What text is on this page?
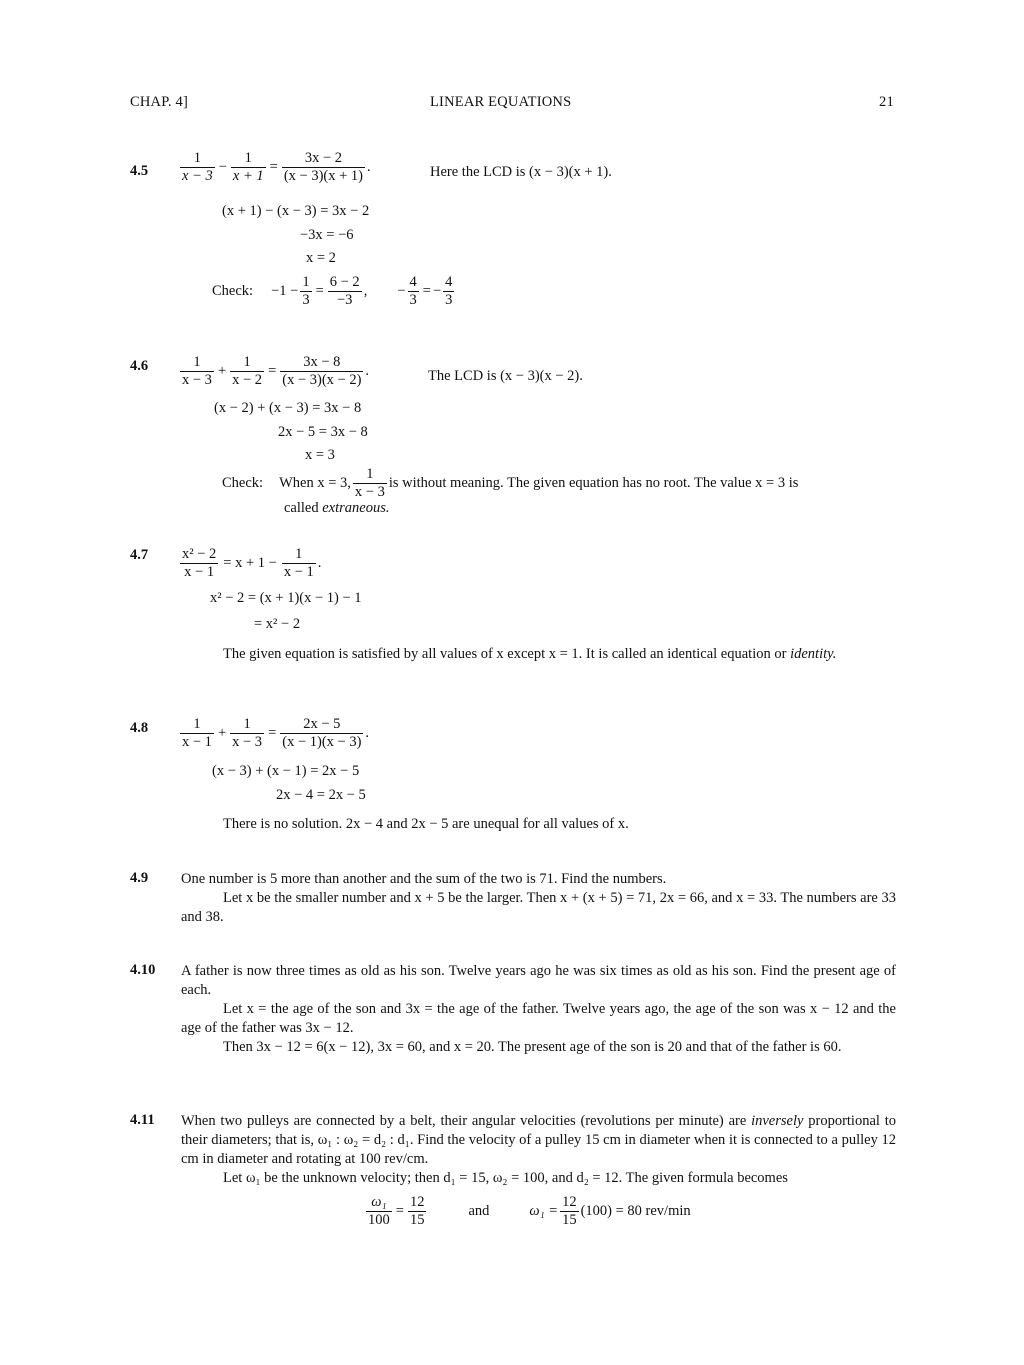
CHAP. 4]	LINEAR EQUATIONS	21
$4.5 \frac{1}{x - 3} - \frac{1}{x + 1} = \frac{3x - 2}{(x - 3)(x + 1)}$ .	Here the LCD is (x − 3)(x + 1).
(x + 1) − (x − 3) = 3x − 2
−3x = −6
x = 2
Check: $-1 - \frac{1}{3} = \frac{6 - 2}{-3}$ , − $\frac{4}{3}$ = − $\frac{4}{3}$
$4.6 \frac{1}{x - 3} + \frac{1}{x - 2} = \frac{3x - 8}{(x - 3)(x - 2)}$ .	The LCD is (x − 3)(x − 2).
(x − 2) + (x − 3) = 3x − 8
2x − 5 = 3x − 8
x = 3
Check: When x = 3, $\frac{1}{x - 3}$ is without meaning. The given equation has no root. The value x = 3 is
called extraneous.
$4.7 \frac{\text{x² − 2}}{x - 1} = x + 1 - \frac{1}{x - 1}$ .
x² − 2 = (x + 1)(x − 1) − 1
= x² − 2
The given equation is satisfied by all values of x except x = 1. It is called an identical equation or identity.
$4.8 \frac{1}{x - 1} + \frac{1}{x - 3} = \frac{2x - 5}{(x - 1)(x - 3)}$ .
(x − 3) + (x − 1) = 2x − 5
2x − 4 = 2x − 5
There is no solution. 2x − 4 and 2x − 5 are unequal for all values of x.
4.9 One number is 5 more than another and the sum of the two is 71. Find the numbers.
Let x be the smaller number and x + 5 be the larger. Then x + (x + 5) = 71, 2x = 66, and x = 33. The numbers are 33 and 38.
4.10 A father is now three times as old as his son. Twelve years ago he was six times as old as his son. Find the present age of each.
Let x = the age of the son and 3x = the age of the father. Twelve years ago, the age of the son was x − 12 and the age of the father was 3x − 12.
Then 3x − 12 = 6(x − 12), 3x = 60, and x = 20. The present age of the son is 20 and that of the father is 60.
4.11 When two pulleys are connected by a belt, their angular velocities (revolutions per minute) are inversely proportional to their diameters; that is, ω₁ : ω₂ = d₂ : d₁. Find the velocity of a pulley 15 cm in diameter when it is connected to a pulley 12 cm in diameter and rotating at 100 rev/cm.
Let ω₁ be the unknown velocity; then d₁ = 15, ω₂ = 100, and d₂ = 12. The given formula becomes
$\frac{\text{ω₁}}{100} = \frac{12}{15}$	and	$\omega_1 = \frac{12}{15} (100) = 80$ rev/min
